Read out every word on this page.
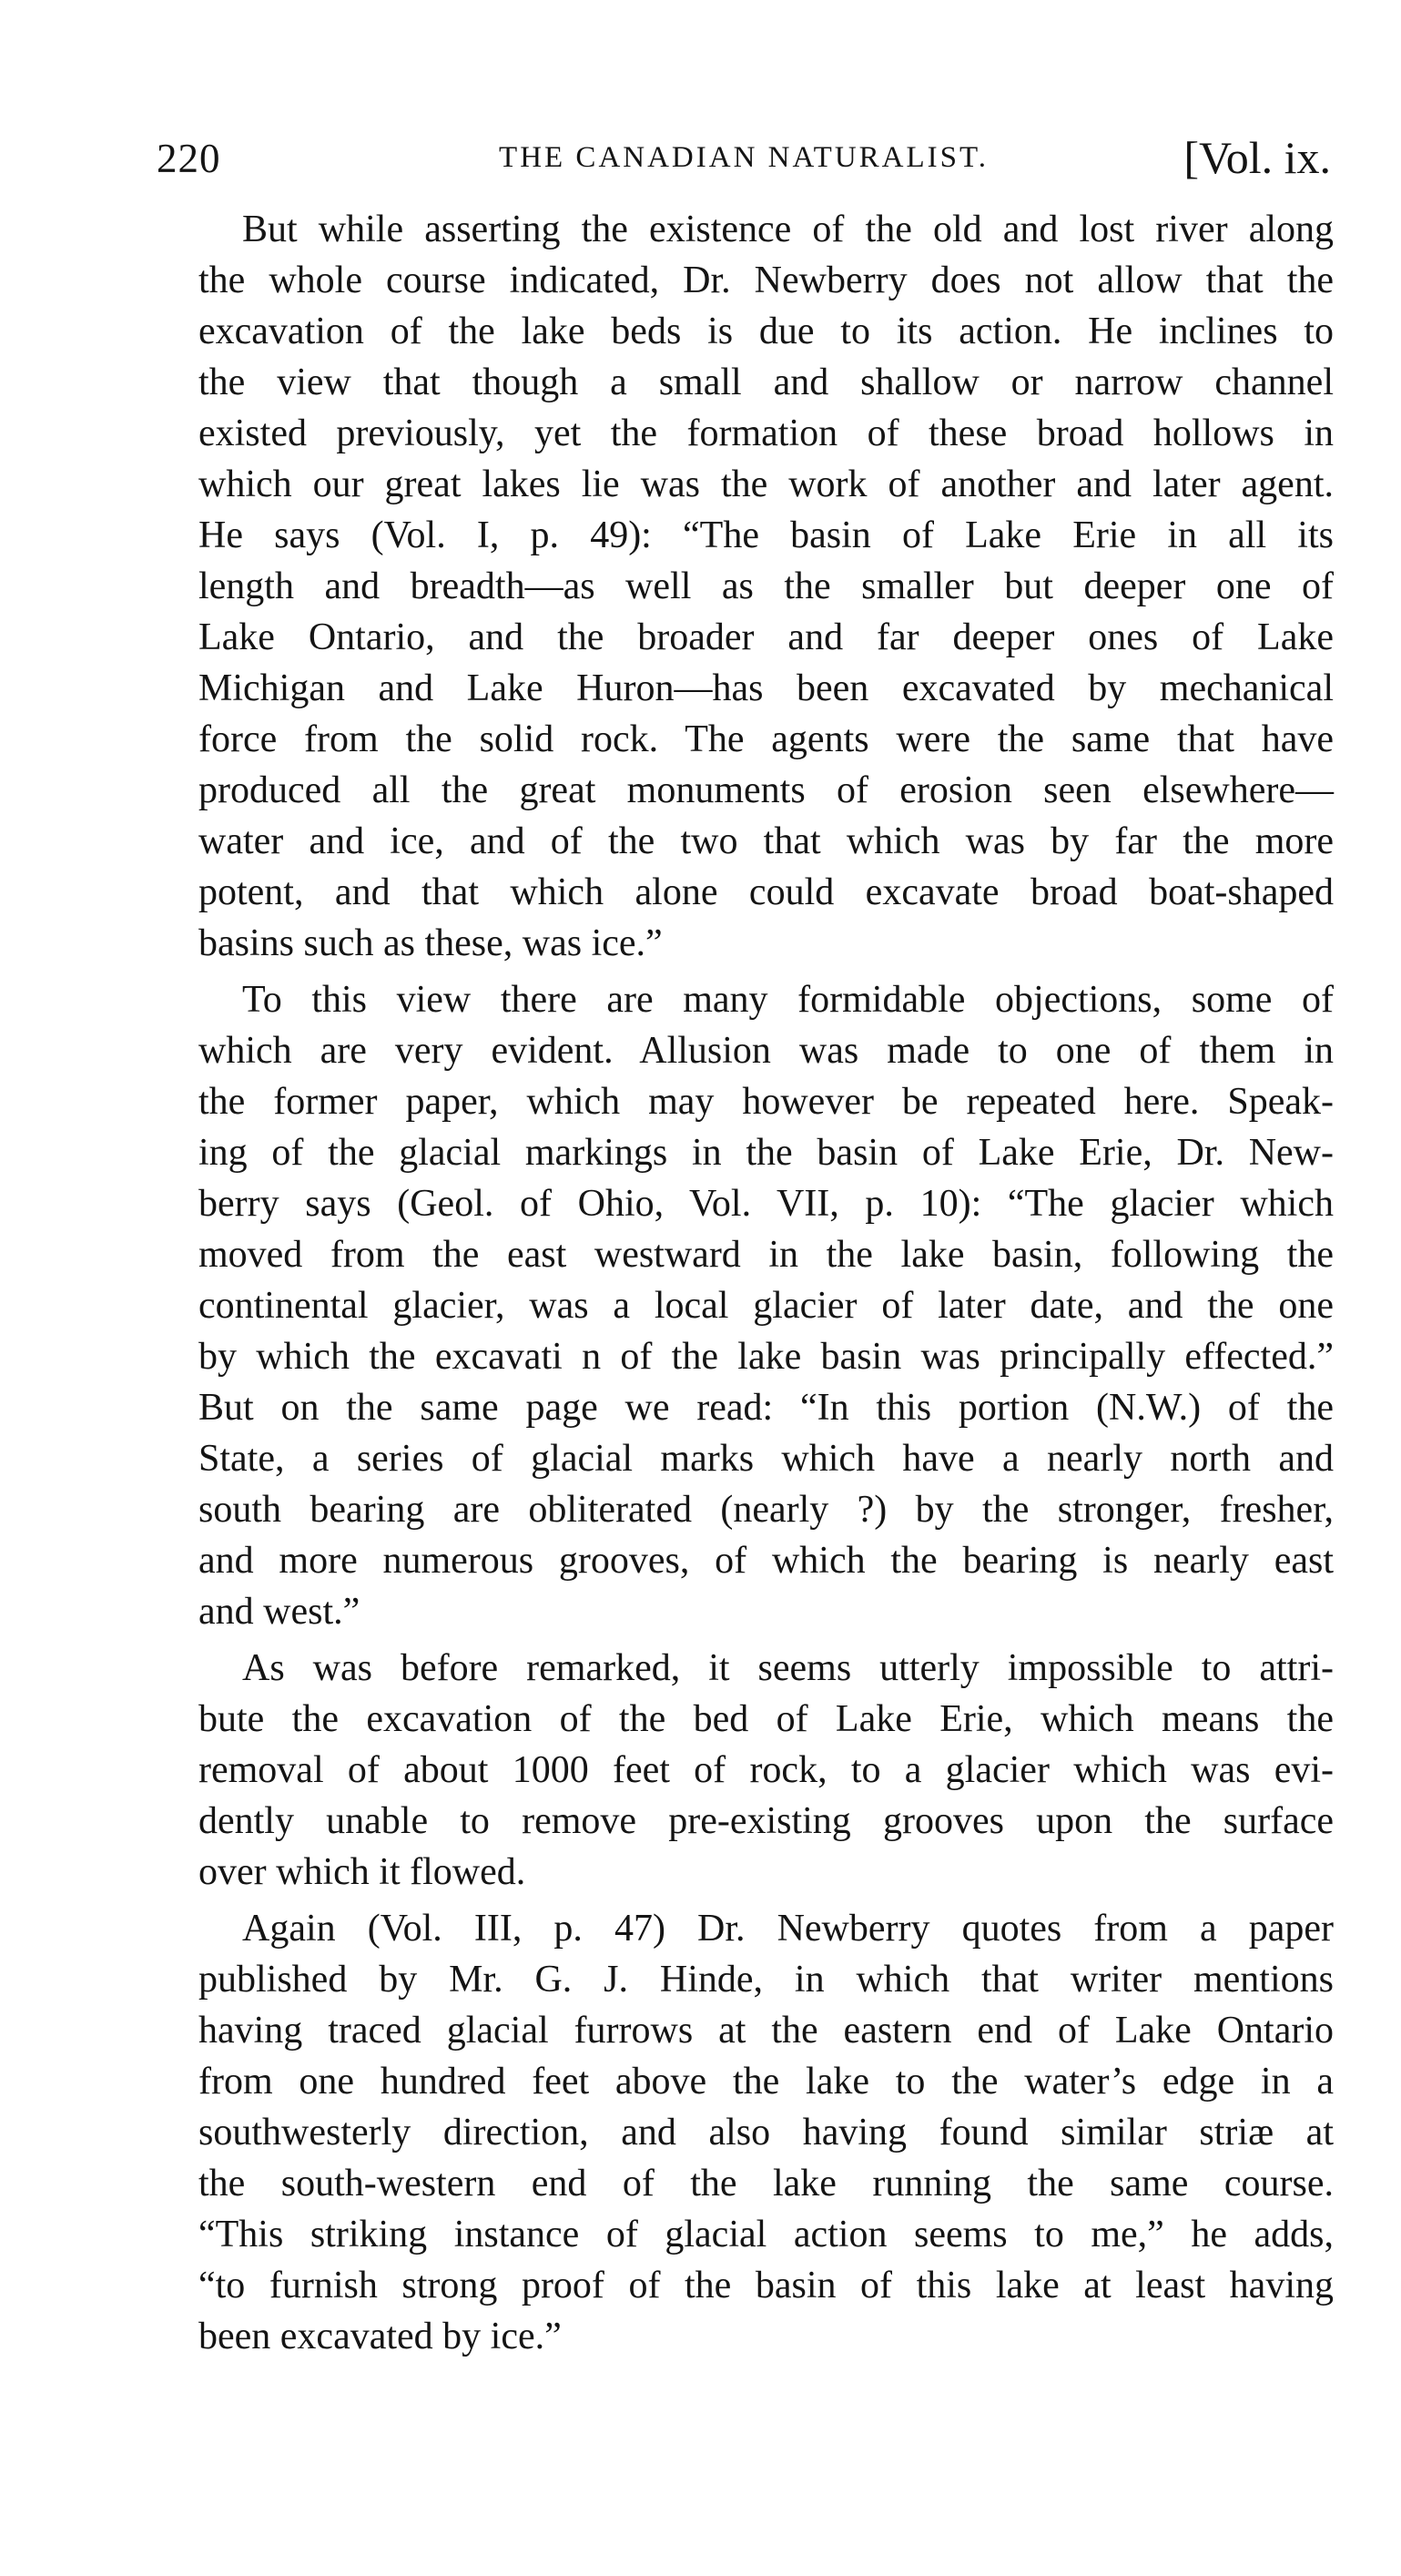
220	THE CANADIAN NATURALIST.	[Vol. ix.
But while asserting the existence of the old and lost river along
the whole course indicated, Dr. Newberry does not allow that the
excavation of the lake beds is due to its action. He inclines to
the view that though a small and shallow or narrow channel
existed previously, yet the formation of these broad hollows in
which our great lakes lie was the work of another and later agent.
He says (Vol. I, p. 49): “The basin of Lake Erie in all its
length and breadth—as well as the smaller but deeper one of
Lake Ontario, and the broader and far deeper ones of Lake
Michigan and Lake Huron—has been excavated by mechanical
force from the solid rock. The agents were the same that have
produced all the great monuments of erosion seen elsewhere—
water and ice, and of the two that which was by far the more
potent, and that which alone could excavate broad boat-shaped
basins such as these, was ice.”
To this view there are many formidable objections, some of
which are very evident. Allusion was made to one of them in
the former paper, which may however be repeated here. Speak-
ing of the glacial markings in the basin of Lake Erie, Dr. New-
berry says (Geol. of Ohio, Vol. VII, p. 10): “The glacier which
moved from the east westward in the lake basin, following the
continental glacier, was a local glacier of later date, and the one
by which the excavati n of the lake basin was principally effected.”
But on the same page we read: “In this portion (N.W.) of the
State, a series of glacial marks which have a nearly north and
south bearing are obliterated (nearly ?) by the stronger, fresher,
and more numerous grooves, of which the bearing is nearly east
and west.”
As was before remarked, it seems utterly impossible to attri-
bute the excavation of the bed of Lake Erie, which means the
removal of about 1000 feet of rock, to a glacier which was evi-
dently unable to remove pre-existing grooves upon the surface
over which it flowed.
Again (Vol. III, p. 47) Dr. Newberry quotes from a paper
published by Mr. G. J. Hinde, in which that writer mentions
having traced glacial furrows at the eastern end of Lake Ontario
from one hundred feet above the lake to the water’s edge in a
southwesterly direction, and also having found similar striæ at
the south-western end of the lake running the same course.
“This striking instance of glacial action seems to me,” he adds,
“to furnish strong proof of the basin of this lake at least having
been excavated by ice.”
